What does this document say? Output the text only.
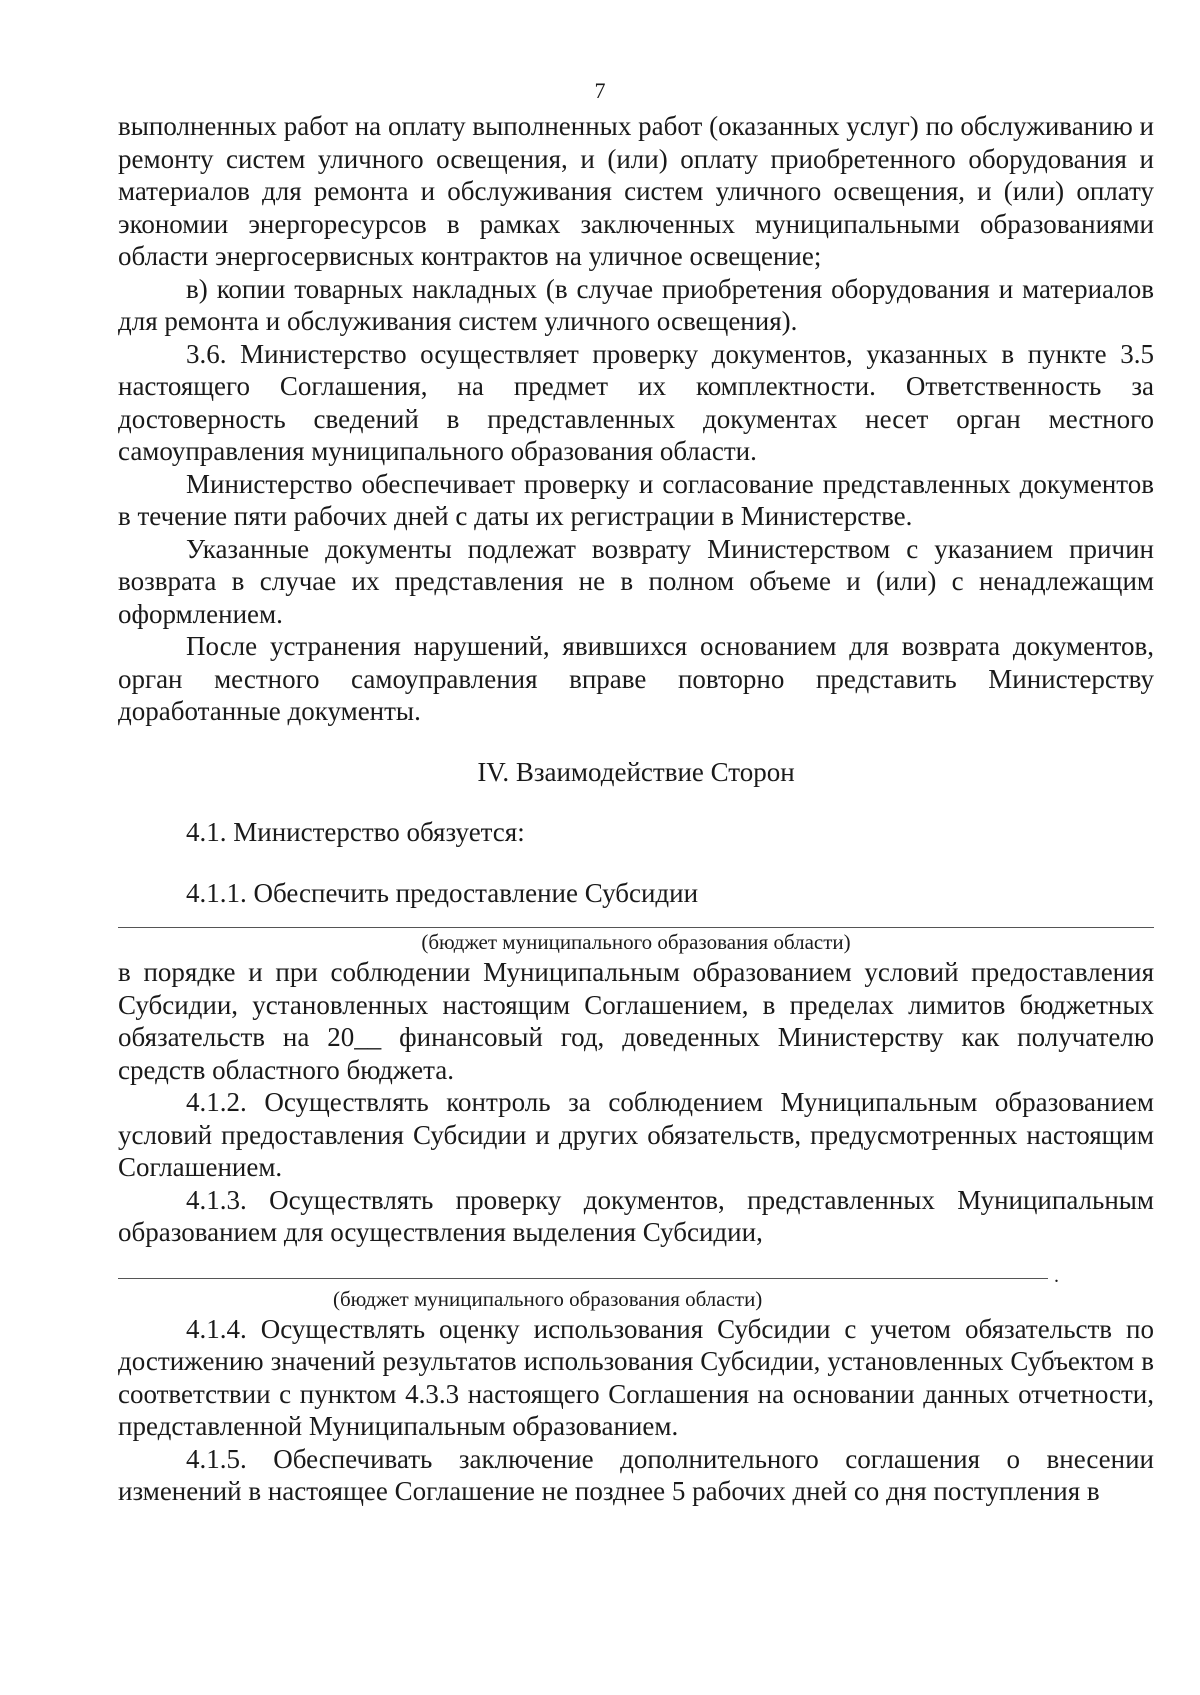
7

выполненных работ на оплату выполненных работ (оказанных услуг) по обслуживанию и ремонту систем уличного освещения, и (или) оплату приобретенного оборудования и материалов для ремонта и обслуживания систем уличного освещения, и (или) оплату экономии энергоресурсов в рамках заключенных муниципальными образованиями области энергосервисных контрактов на уличное освещение;

в) копии товарных накладных (в случае приобретения оборудования и материалов для ремонта и обслуживания систем уличного освещения).

3.6. Министерство осуществляет проверку документов, указанных в пункте 3.5 настоящего Соглашения, на предмет их комплектности. Ответственность за достоверность сведений в представленных документах несет орган местного самоуправления муниципального образования области.

Министерство обеспечивает проверку и согласование представленных документов в течение пяти рабочих дней с даты их регистрации в Министерстве.

Указанные документы подлежат возврату Министерством с указанием причин возврата в случае их представления не в полном объеме и (или) с ненадлежащим оформлением.

После устранения нарушений, явившихся основанием для возврата документов, орган местного самоуправления вправе повторно представить Министерству доработанные документы.

IV. Взаимодействие Сторон

4.1. Министерство обязуется:

4.1.1. Обеспечить предоставление Субсидии

(бюджет муниципального образования области)

в порядке и при соблюдении Муниципальным образованием условий предоставления Субсидии, установленных настоящим Соглашением, в пределах лимитов бюджетных обязательств на 20__ финансовый год, доведенных Министерству как получателю средств областного бюджета.

4.1.2. Осуществлять контроль за соблюдением Муниципальным образованием условий предоставления Субсидии и других обязательств, предусмотренных настоящим Соглашением.

4.1.3. Осуществлять проверку документов, представленных Муниципальным образованием для осуществления выделения Субсидии,

.

(бюджет муниципального образования области)

4.1.4. Осуществлять оценку использования Субсидии с учетом обязательств по достижению значений результатов использования Субсидии, установленных Субъектом в соответствии с пунктом 4.3.3 настоящего Соглашения на основании данных отчетности, представленной Муниципальным образованием.

4.1.5. Обеспечивать заключение дополнительного соглашения о внесении изменений в настоящее Соглашение не позднее 5 рабочих дней со дня поступления в
